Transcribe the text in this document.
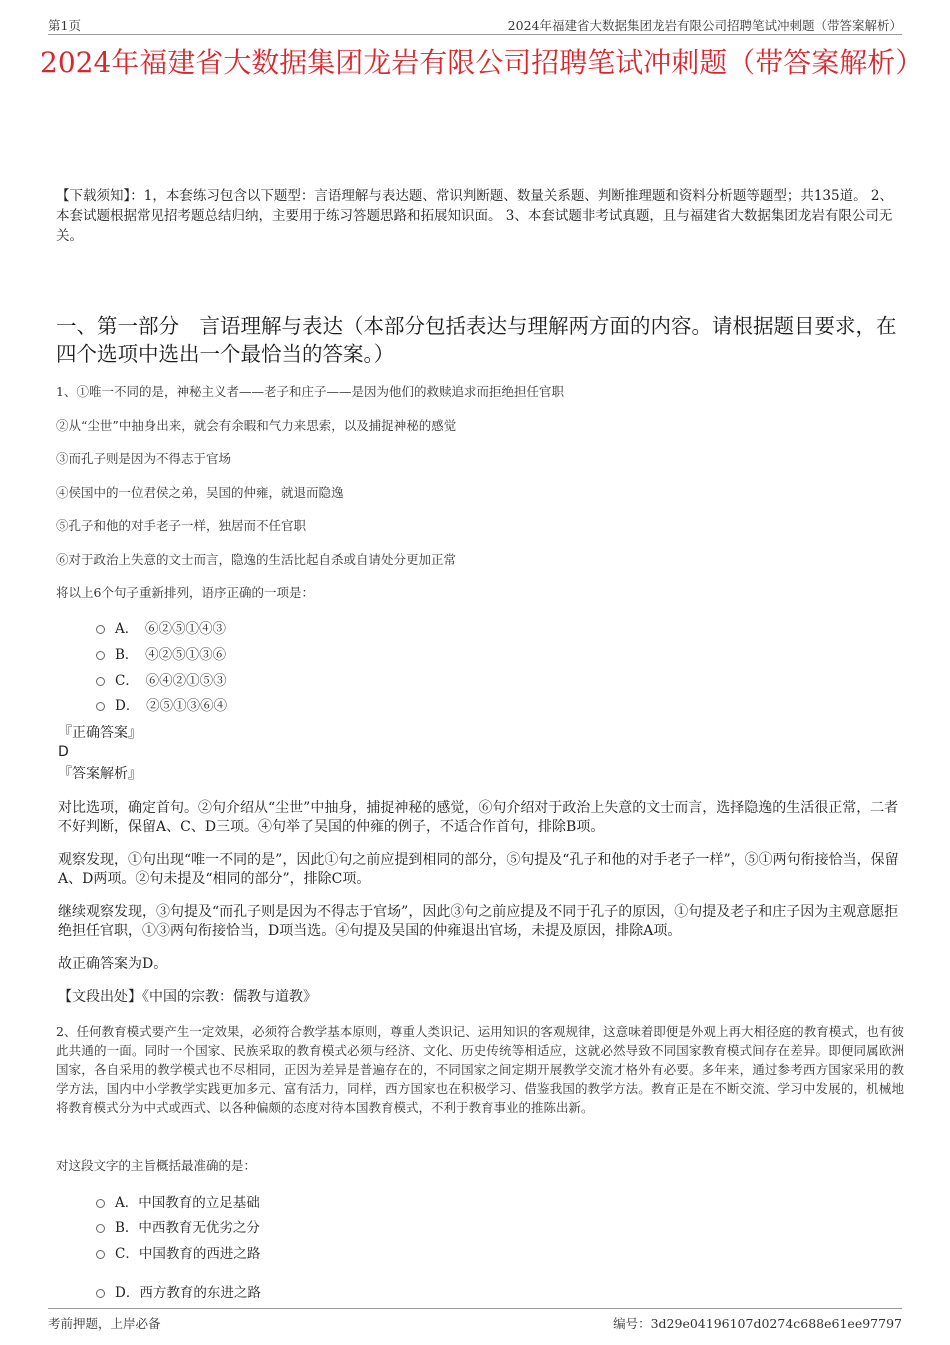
第1页	2024年福建省大数据集团龙岩有限公司招聘笔试冲刺题（带答案解析）
2024年福建省大数据集团龙岩有限公司招聘笔试冲刺题（带答案解析）
【下载须知】：1，本套练习包含以下题型：言语理解与表达题、常识判断题、数量关系题、判断推理题和资料分析题等题型；共135道。 2、本套试题根据常见招考题总结归纳，主要用于练习答题思路和拓展知识面。 3、本套试题非考试真题，且与福建省大数据集团龙岩有限公司无关。
一、第一部分　言语理解与表达（本部分包括表达与理解两方面的内容。请根据题目要求，在四个选项中选出一个最恰当的答案。）
1、①唯一不同的是，神秘主义者——老子和庄子——是因为他们的救赎追求而拒绝担任官职
②从“尘世”中抽身出来，就会有余暇和气力来思索，以及捕捉神秘的感觉
③而孔子则是因为不得志于官场
④侯国中的一位君侯之弟，吴国的仲雍，就退而隐逸
⑤孔子和他的对手老子一样，独居而不任官职
⑥对于政治上失意的文士而言，隐逸的生活比起自杀或自请处分更加正常
将以上6个句子重新排列，语序正确的一项是：
A．　⑥②⑤①④③
B．　④②⑤①③⑥
C．　⑥④②①⑤③
D．　②⑤①③⑥④
『正确答案』
D
『答案解析』
对比选项，确定首句。②句介绍从“尘世”中抽身，捕捉神秘的感觉，⑥句介绍对于政治上失意的文士而言，选择隐逸的生活很正常，二者不好判断，保留A、C、D三项。④句举了吴国的仲雍的例子，不适合作首句，排除B项。
观察发现，①句出现“唯一不同的是”，因此①句之前应提到相同的部分，⑤句提及“孔子和他的对手老子一样”，⑤①两句衔接恰当，保留A、D两项。②句未提及“相同的部分”，排除C项。
继续观察发现，③句提及“而孔子则是因为不得志于官场”，因此③句之前应提及不同于孔子的原因，①句提及老子和庄子因为主观意愿拒绝担任官职，①③两句衔接恰当，D项当选。④句提及吴国的仲雍退出官场，未提及原因，排除A项。
故正确答案为D。
【文段出处】《中国的宗教：儒教与道教》
2、任何教育模式要产生一定效果，必须符合教学基本原则，尊重人类识记、运用知识的客观规律，这意味着即便是外观上再大相径庭的教育模式，也有彼此共通的一面。同时一个国家、民族采取的教育模式必须与经济、文化、历史传统等相适应，这就必然导致不同国家教育模式间存在差异。即便同属欧洲国家，各自采用的教学模式也不尽相同，正因为差异是普遍存在的，不同国家之间定期开展教学交流才格外有必要。多年来，通过参考西方国家采用的教学方法，国内中小学教学实践更加多元、富有活力，同样，西方国家也在积极学习、借鉴我国的教学方法。教育正是在不断交流、学习中发展的，机械地将教育模式分为中式或西式、以各种偏颇的态度对待本国教育模式，不利于教育事业的推陈出新。
对这段文字的主旨概括最准确的是：
A．中国教育的立足基础
B．中西教育无优劣之分
C．中国教育的西进之路
D．西方教育的东进之路
考前押题，上岸必备	编号：3d29e04196107d0274c688e61ee97797
